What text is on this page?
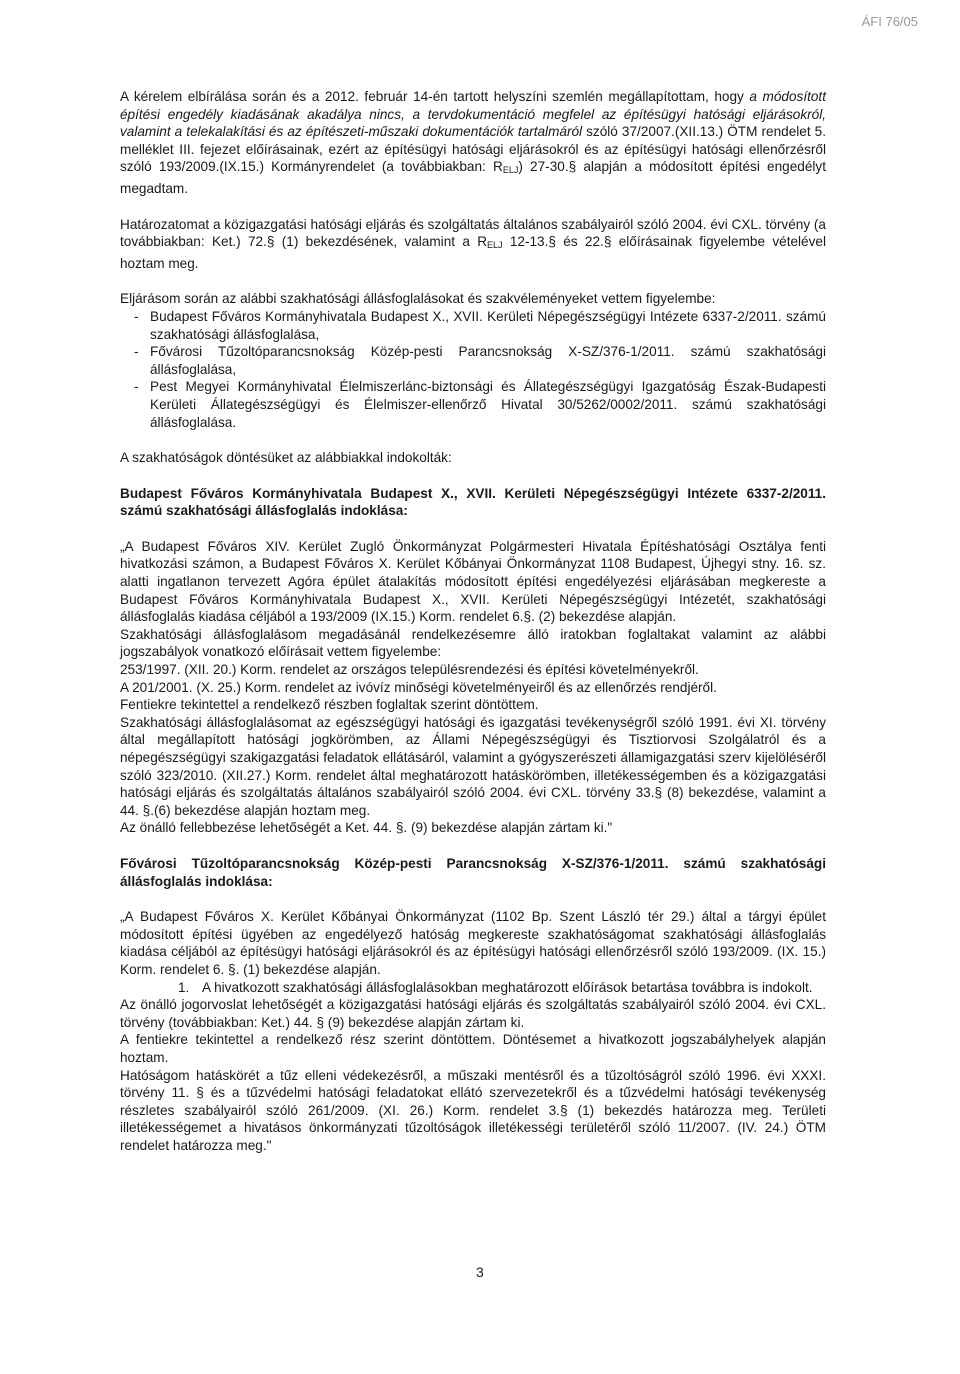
ÁFI 76/05

A kérelem elbírálása során és a 2012. február 14-én tartott helyszíni szemlén megállapítottam, hogy a módosított építési engedély kiadásának akadálya nincs, a tervdokumentáció megfelel az építésügyi hatósági eljárásokról, valamint a telekalakítási és az építészeti-műszaki dokumentációk tartalmáról szóló 37/2007.(XII.13.) ÖTM rendelet 5. melléklet III. fejezet előírásainak, ezért az építésügyi hatósági eljárásokról és az építésügyi hatósági ellenőrzésről szóló 193/2009.(IX.15.) Kormányrendelet (a továbbiakban: $R_{ELJ}$) 27-30.§ alapján a módosított építési engedélyt megadtam.

Határozatomat a közigazgatási hatósági eljárás és szolgáltatás általános szabályairól szóló 2004. évi CXL. törvény (a továbbiakban: Ket.) 72.§ (1) bekezdésének, valamint a $R_{ELJ}$ 12-13.§ és 22.§ előírásainak figyelembe vételével hoztam meg.

Eljárásom során az alábbi szakhatósági állásfoglalásokat és szakvéleményeket vettem figyelembe:

- Budapest Főváros Kormányhivatala Budapest X., XVII. Kerületi Népegészségügyi Intézete 6337-2/2011. számú szakhatósági állásfoglalása,
- Fővárosi Tűzoltóparancsnokság Közép-pesti Parancsnokság X-SZ/376-1/2011. számú szakhatósági állásfoglalása,
- Pest Megyei Kormányhivatal Élelmiszerlánc-biztonsági és Állategészségügyi Igazgatóság Észak-Budapesti Kerületi Állategészségügyi és Élelmiszer-ellenőrző Hivatal 30/5262/0002/2011. számú szakhatósági állásfoglalása.

A szakhatóságok döntésüket az alábbiakkal indokolták:

Budapest Főváros Kormányhivatala Budapest X., XVII. Kerületi Népegészségügyi Intézete 6337-2/2011. számú szakhatósági állásfoglalás indoklása:

„A Budapest Főváros XIV. Kerület Zugló Önkormányzat Polgármesteri Hivatala Építéshatósági Osztálya fenti hivatkozási számon, a Budapest Főváros X. Kerület Kőbányai Önkormányzat 1108 Budapest, Újhegyi stny. 16. sz. alatti ingatlanon tervezett Agóra épület átalakítás módosított építési engedélyezési eljárásában megkereste a Budapest Főváros Kormányhivatala Budapest X., XVII. Kerületi Népegészségügyi Intézetét, szakhatósági állásfoglalás kiadása céljából a 193/2009 (IX.15.) Korm. rendelet 6.§. (2) bekezdése alapján.

Szakhatósági állásfoglalásom megadásánál rendelkezésemre álló iratokban foglaltakat valamint az alábbi jogszabályok vonatkozó előírásait vettem figyelembe:

253/1997. (XII. 20.) Korm. rendelet az országos településrendezési és építési követelményekről.

A 201/2001. (X. 25.) Korm. rendelet az ivóvíz minőségi követelményeiről és az ellenőrzés rendjéről.

Fentiekre tekintettel a rendelkező részben foglaltak szerint döntöttem.

Szakhatósági állásfoglalásomat az egészségügyi hatósági és igazgatási tevékenységről szóló 1991. évi XI. törvény által megállapított hatósági jogkörömben, az Állami Népegészségügyi és Tisztiorvosi Szolgálatról és a népegészségügyi szakigazgatási feladatok ellátásáról, valamint a gyógyszerészeti államigazgatási szerv kijelöléséről szóló 323/2010. (XII.27.) Korm. rendelet által meghatározott hatáskörömben, illetékességemben és a közigazgatási hatósági eljárás és szolgáltatás általános szabályairól szóló 2004. évi CXL. törvény 33.§ (8) bekezdése, valamint a 44. §.(6) bekezdése alapján hoztam meg.

Az önálló fellebbezése lehetőségét a Ket. 44. §. (9) bekezdése alapján zártam ki."

Fővárosi Tűzoltóparancsnokság Közép-pesti Parancsnokság X-SZ/376-1/2011. számú szakhatósági állásfoglalás indoklása:

„A Budapest Főváros X. Kerület Kőbányai Önkormányzat (1102 Bp. Szent László tér 29.) által a tárgyi épület módosított építési ügyében az engedélyező hatóság megkereste szakhatóságomat szakhatósági állásfoglalás kiadása céljából az építésügyi hatósági eljárásokról és az építésügyi hatósági ellenőrzésről szóló 193/2009. (IX. 15.) Korm. rendelet 6. §. (1) bekezdése alapján.

1. A hivatkozott szakhatósági állásfoglalásokban meghatározott előírások betartása továbbra is indokolt.

Az önálló jogorvoslat lehetőségét a közigazgatási hatósági eljárás és szolgáltatás szabályairól szóló 2004. évi CXL. törvény (továbbiakban: Ket.) 44. § (9) bekezdése alapján zártam ki.

A fentiekre tekintettel a rendelkező rész szerint döntöttem. Döntésemet a hivatkozott jogszabályhelyek alapján hoztam.

Hatóságom hatáskörét a tűz elleni védekezésről, a műszaki mentésről és a tűzoltóságról szóló 1996. évi XXXI. törvény 11. § és a tűzvédelmi hatósági feladatokat ellátó szervezetekről és a tűzvédelmi hatósági tevékenység részletes szabályairól szóló 261/2009. (XI. 26.) Korm. rendelet 3.§ (1) bekezdés határozza meg. Területi illetékességemet a hivatásos önkormányzati tűzoltóságok illetékességi területéről szóló 11/2007. (IV. 24.) ÖTM rendelet határozza meg."

3
